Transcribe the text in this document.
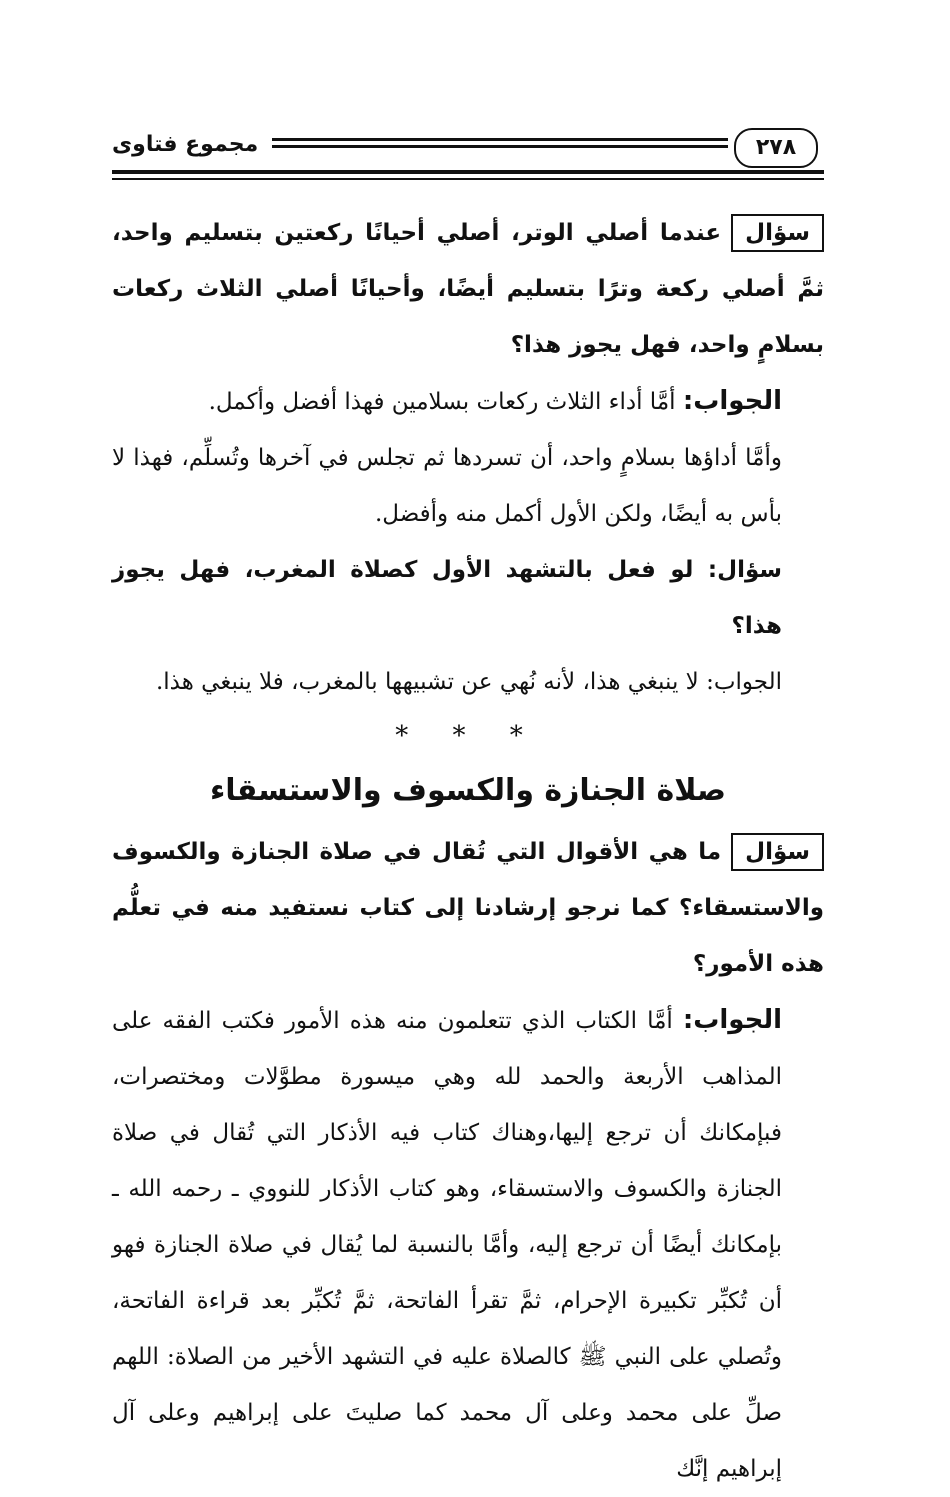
مجموع فتاوى	٢٧٨

سؤالعندما أصلي الوتر، أصلي أحيانًا ركعتين بتسليم واحد، ثمَّ أصلي ركعة وترًا بتسليم أيضًا، وأحيانًا أصلي الثلاث ركعات بسلامٍ واحد، فهل يجوز هذا؟

الجواب: أمَّا أداء الثلاث ركعات بسلامين فهذا أفضل وأكمل.

وأمَّا أداؤها بسلامٍ واحد، أن تسردها ثم تجلس في آخرها وتُسلِّم، فهذا لا بأس به أيضًا، ولكن الأول أكمل منه وأفضل.

سؤال: لو فعل بالتشهد الأول كصلاة المغرب، فهل يجوز هذا؟

الجواب: لا ينبغي هذا، لأنه نُهي عن تشبيهها بالمغرب، فلا ينبغي هذا.

* * *

صلاة الجنازة والكسوف والاستسقاء

سؤالما هي الأقوال التي تُقال في صلاة الجنازة والكسوف والاستسقاء؟ كما نرجو إرشادنا إلى كتاب نستفيد منه في تعلُّم هذه الأمور؟

الجواب: أمَّا الكتاب الذي تتعلمون منه هذه الأمور فكتب الفقه على المذاهب الأربعة والحمد لله وهي ميسورة مطوَّلات ومختصرات، فبإمكانك أن ترجع إليها،وهناك كتاب فيه الأذكار التي تُقال في صلاة الجنازة والكسوف والاستسقاء، وهو كتاب الأذكار للنووي ـ رحمه الله ـ بإمكانك أيضًا أن ترجع إليه، وأمَّا بالنسبة لما يُقال في صلاة الجنازة فهو أن تُكبِّر تكبيرة الإحرام، ثمَّ تقرأ الفاتحة، ثمَّ تُكبِّر بعد قراءة الفاتحة، وتُصلي على النبي ﷺ كالصلاة عليه في التشهد الأخير من الصلاة: اللهم صلِّ على محمد وعلى آل محمد كما صليتَ على إبراهيم وعلى آل إبراهيم إنَّك
